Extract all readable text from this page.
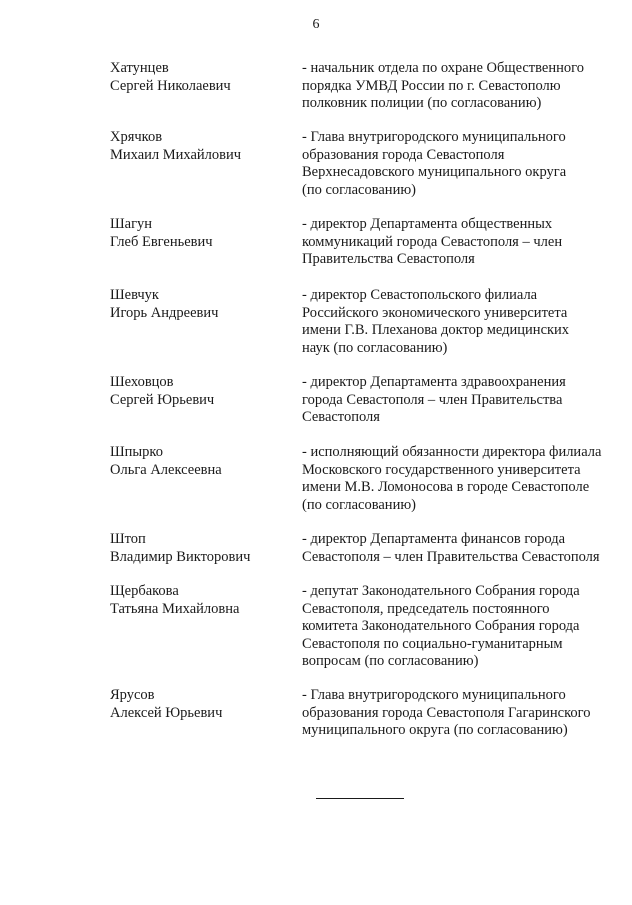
6
Хатунцев
Сергей Николаевич
- начальник отдела по охране Общественного
порядка УМВД России по г. Севастополю
полковник полиции (по согласованию)
Хрячков
Михаил Михайлович
- Глава внутригородского муниципального
образования города Севастополя
Верхнесадовского муниципального округа
(по согласованию)
Шагун
Глеб Евгеньевич
- директор Департамента общественных
коммуникаций города Севастополя – член
Правительства Севастополя
Шевчук
Игорь Андреевич
- директор Севастопольского филиала
Российского экономического университета
имени Г.В. Плеханова доктор медицинских
наук (по согласованию)
Шеховцов
Сергей Юрьевич
- директор Департамента здравоохранения
города Севастополя – член Правительства
Севастополя
Шпырко
Ольга Алексеевна
- исполняющий обязанности директора филиала
Московского государственного университета
имени М.В. Ломоносова в городе Севастополе
(по согласованию)
Штоп
Владимир Викторович
- директор Департамента финансов города
Севастополя – член Правительства Севастополя
Щербакова
Татьяна Михайловна
- депутат Законодательного Собрания города
Севастополя, председатель постоянного
комитета Законодательного Собрания города
Севастополя по социально-гуманитарным
вопросам (по согласованию)
Ярусов
Алексей Юрьевич
- Глава внутригородского муниципального
образования города Севастополя Гагаринского
муниципального округа (по согласованию)
